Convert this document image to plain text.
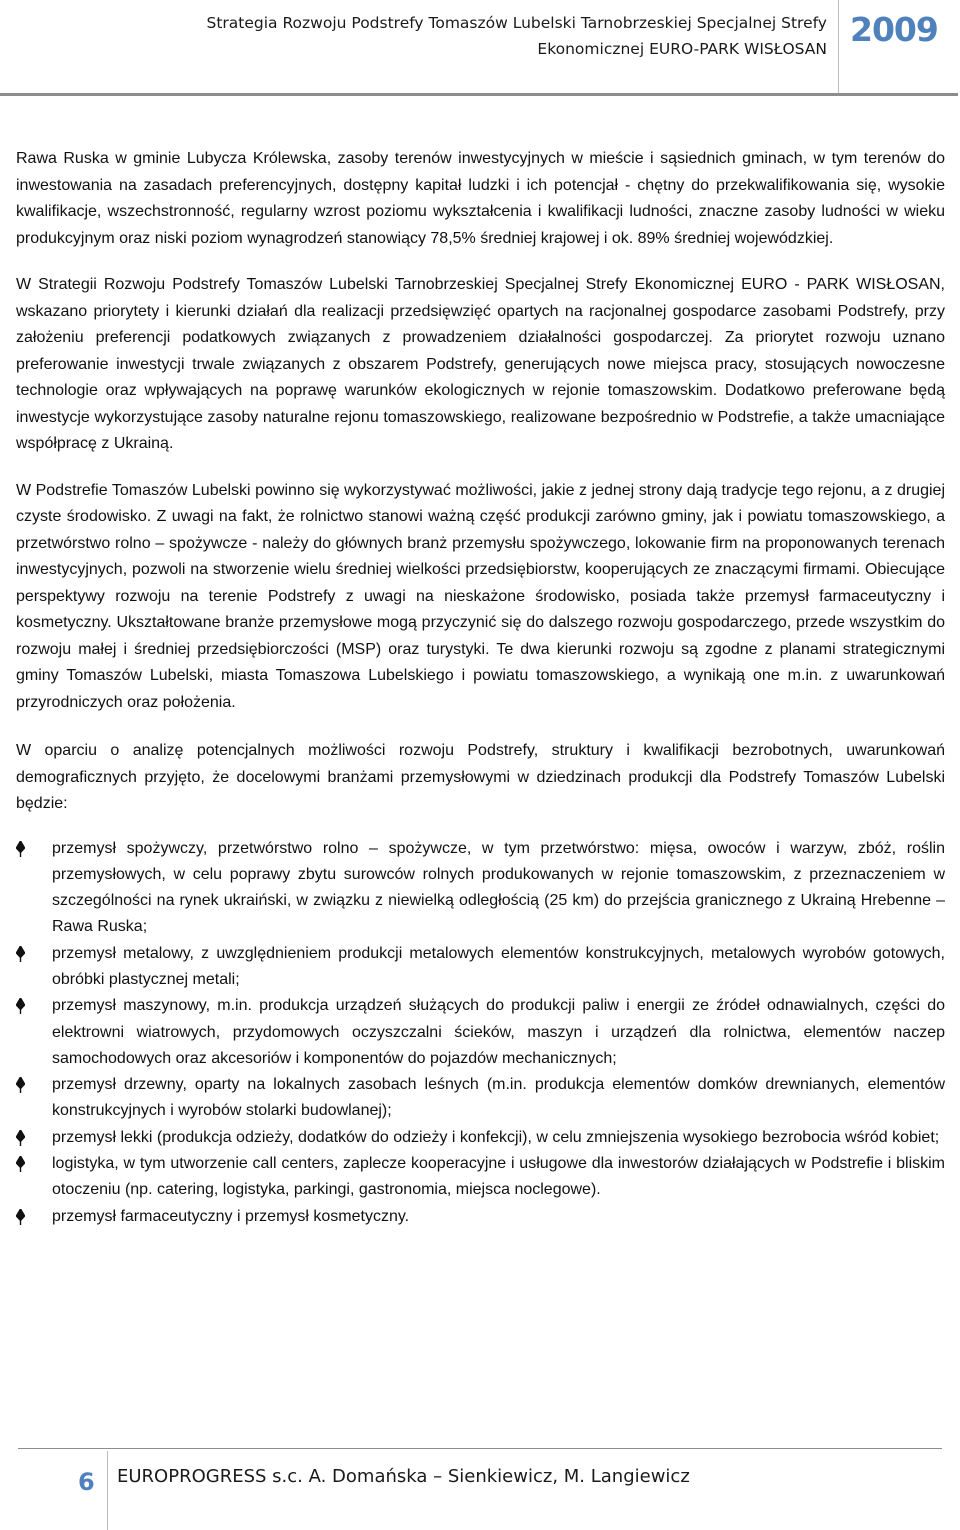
Strategia Rozwoju Podstrefy Tomaszów Lubelski Tarnobrzeskiej Specjalnej Strefy
Ekonomicznej EURO-PARK WISŁOSAN 2009

Rawa Ruska w gminie Lubycza Królewska, zasoby terenów inwestycyjnych w mieście i sąsiednich gminach, w tym terenów do inwestowania na zasadach preferencyjnych, dostępny kapitał ludzki i ich potencjał - chętny do przekwalifikowania się, wysokie kwalifikacje, wszechstronność, regularny wzrost poziomu wykształcenia i kwalifikacji ludności, znaczne zasoby ludności w wieku produkcyjnym oraz niski poziom wynagrodzeń stanowiący 78,5% średniej krajowej i ok. 89% średniej wojewódzkiej.

W Strategii Rozwoju Podstrefy Tomaszów Lubelski Tarnobrzeskiej Specjalnej Strefy Ekonomicznej EURO - PARK WISŁOSAN, wskazano priorytety i kierunki działań dla realizacji przedsięwzięć opartych na racjonalnej gospodarce zasobami Podstrefy, przy założeniu preferencji podatkowych związanych z prowadzeniem działalności gospodarczej. Za priorytet rozwoju uznano preferowanie inwestycji trwale związanych z obszarem Podstrefy, generujących nowe miejsca pracy, stosujących nowoczesne technologie oraz wpływających na poprawę warunków ekologicznych w rejonie tomaszowskim. Dodatkowo preferowane będą inwestycje wykorzystujące zasoby naturalne rejonu tomaszowskiego, realizowane bezpośrednio w Podstrefie, a także umacniające współpracę z Ukrainą.

W Podstrefie Tomaszów Lubelski powinno się wykorzystywać możliwości, jakie z jednej strony dają tradycje tego rejonu, a z drugiej czyste środowisko. Z uwagi na fakt, że rolnictwo stanowi ważną część produkcji zarówno gminy, jak i powiatu tomaszowskiego, a przetwórstwo rolno – spożywcze - należy do głównych branż przemysłu spożywczego, lokowanie firm na proponowanych terenach inwestycyjnych, pozwoli na stworzenie wielu średniej wielkości przedsiębiorstw, kooperujących ze znaczącymi firmami. Obiecujące perspektywy rozwoju na terenie Podstrefy z uwagi na nieskażone środowisko, posiada także przemysł farmaceutyczny i kosmetyczny. Ukształtowane branże przemysłowe mogą przyczynić się do dalszego rozwoju gospodarczego, przede wszystkim do rozwoju małej i średniej przedsiębiorczości (MSP) oraz turystyki. Te dwa kierunki rozwoju są zgodne z planami strategicznymi gminy Tomaszów Lubelski, miasta Tomaszowa Lubelskiego i powiatu tomaszowskiego, a wynikają one m.in. z uwarunkowań przyrodniczych oraz położenia.

W oparciu o analizę potencjalnych możliwości rozwoju Podstrefy, struktury i kwalifikacji bezrobotnych, uwarunkowań demograficznych przyjęto, że docelowymi branżami przemysłowymi w dziedzinach produkcji dla Podstrefy Tomaszów Lubelski będzie:

przemysł spożywczy, przetwórstwo rolno – spożywcze, w tym przetwórstwo: mięsa, owoców i warzyw, zbóż, roślin przemysłowych, w celu poprawy zbytu surowców rolnych produkowanych w rejonie tomaszowskim, z przeznaczeniem w szczególności na rynek ukraiński, w związku z niewielką odległością (25 km) do przejścia granicznego z Ukrainą Hrebenne – Rawa Ruska;
przemysł metalowy, z uwzględnieniem produkcji metalowych elementów konstrukcyjnych, metalowych wyrobów gotowych, obróbki plastycznej metali;
przemysł maszynowy, m.in. produkcja urządzeń służących do produkcji paliw i energii ze źródeł odnawialnych, części do elektrowni wiatrowych, przydomowych oczyszczalni ścieków, maszyn i urządzeń dla rolnictwa, elementów naczep samochodowych oraz akcesoriów i komponentów do pojazdów mechanicznych;
przemysł drzewny, oparty na lokalnych zasobach leśnych (m.in. produkcja elementów domków drewnianych, elementów konstrukcyjnych i wyrobów stolarki budowlanej);
przemysł lekki (produkcja odzieży, dodatków do odzieży i konfekcji), w celu zmniejszenia wysokiego bezrobocia wśród kobiet;
logistyka, w tym utworzenie call centers, zaplecze kooperacyjne i usługowe dla inwestorów działających w Podstrefie i bliskim otoczeniu (np. catering, logistyka, parkingi, gastronomia, miejsca noclegowe).
przemysł farmaceutyczny i przemysł kosmetyczny.
6 EUROPROGRESS s.c. A. Domańska – Sienkiewicz, M. Langiewicz
